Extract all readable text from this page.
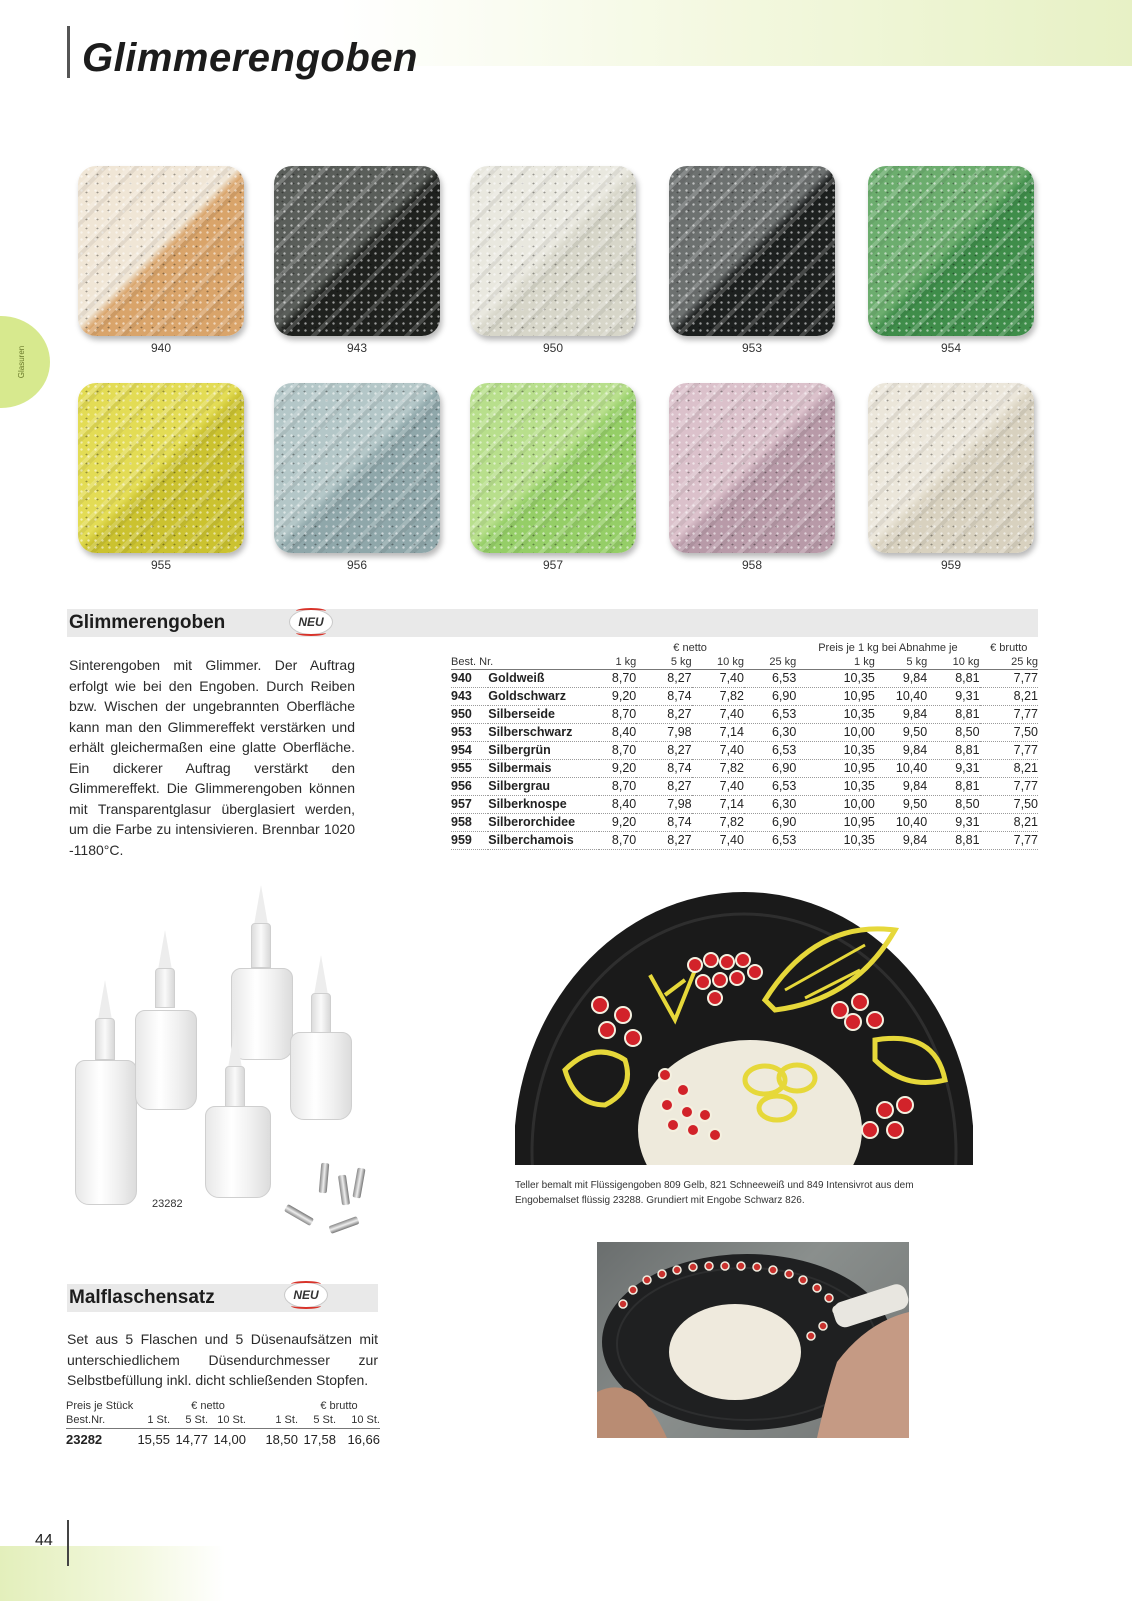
Glimmerengoben
Glasuren	940	943	950	953	954
955	956	957	958	959
Glimmerengoben	NEU

Sinterengoben mit Glimmer. Der Auftrag erfolgt wie bei den Engoben. Durch Reiben bzw. Wischen der ungebrannten Oberfläche kann man den Glimmereffekt verstärken und erhält gleichermaßen eine glatte Oberfläche. Ein dickerer Auftrag verstärkt den Glimmereffekt. Die Glimmerengoben können mit Transparentglasur überglasiert werden, um die Farbe zu intensivieren. Brennbar 1020 -1180°C.

			€ netto			Preis je 1 kg bei Abnahme je			€ brutto
Best. Nr.		1 kg	5 kg	10 kg	25 kg	1 kg	5 kg	10 kg	25 kg
940	Goldweiß	8,70	8,27	7,40	6,53	10,35	9,84	8,81	7,77
943	Goldschwarz	9,20	8,74	7,82	6,90	10,95	10,40	9,31	8,21
950	Silberseide	8,70	8,27	7,40	6,53	10,35	9,84	8,81	7,77
953	Silberschwarz	8,40	7,98	7,14	6,30	10,00	9,50	8,50	7,50
954	Silbergrün	8,70	8,27	7,40	6,53	10,35	9,84	8,81	7,77
955	Silbermais	9,20	8,74	7,82	6,90	10,95	10,40	9,31	8,21
956	Silbergrau	8,70	8,27	7,40	6,53	10,35	9,84	8,81	7,77
957	Silberknospe	8,40	7,98	7,14	6,30	10,00	9,50	8,50	7,50
958	Silberorchidee	9,20	8,74	7,82	6,90	10,95	10,40	9,31	8,21
959	Silberchamois	8,70	8,27	7,40	6,53	10,35	9,84	8,81	7,77
23282

Teller bemalt mit Flüssigengoben 809 Gelb, 821 Schneeweiß und 849 Intensivrot aus dem Engobemalset flüssig 23288. Grundiert mit Engobe Schwarz 826.

Malflaschensatz	NEU

Set aus 5 Flaschen und 5 Düsenaufsätzen mit unterschiedlichem Düsendurchmesser zur Selbstbefüllung inkl. dicht schließenden Stopfen.

Preis je Stück		€ netto			€ brutto		
Best.Nr.	1 St.	5 St.	10 St.	1 St.	5 St.	10 St.	
23282	15,55	14,77	14,00	18,50	17,58	16,66	
44
